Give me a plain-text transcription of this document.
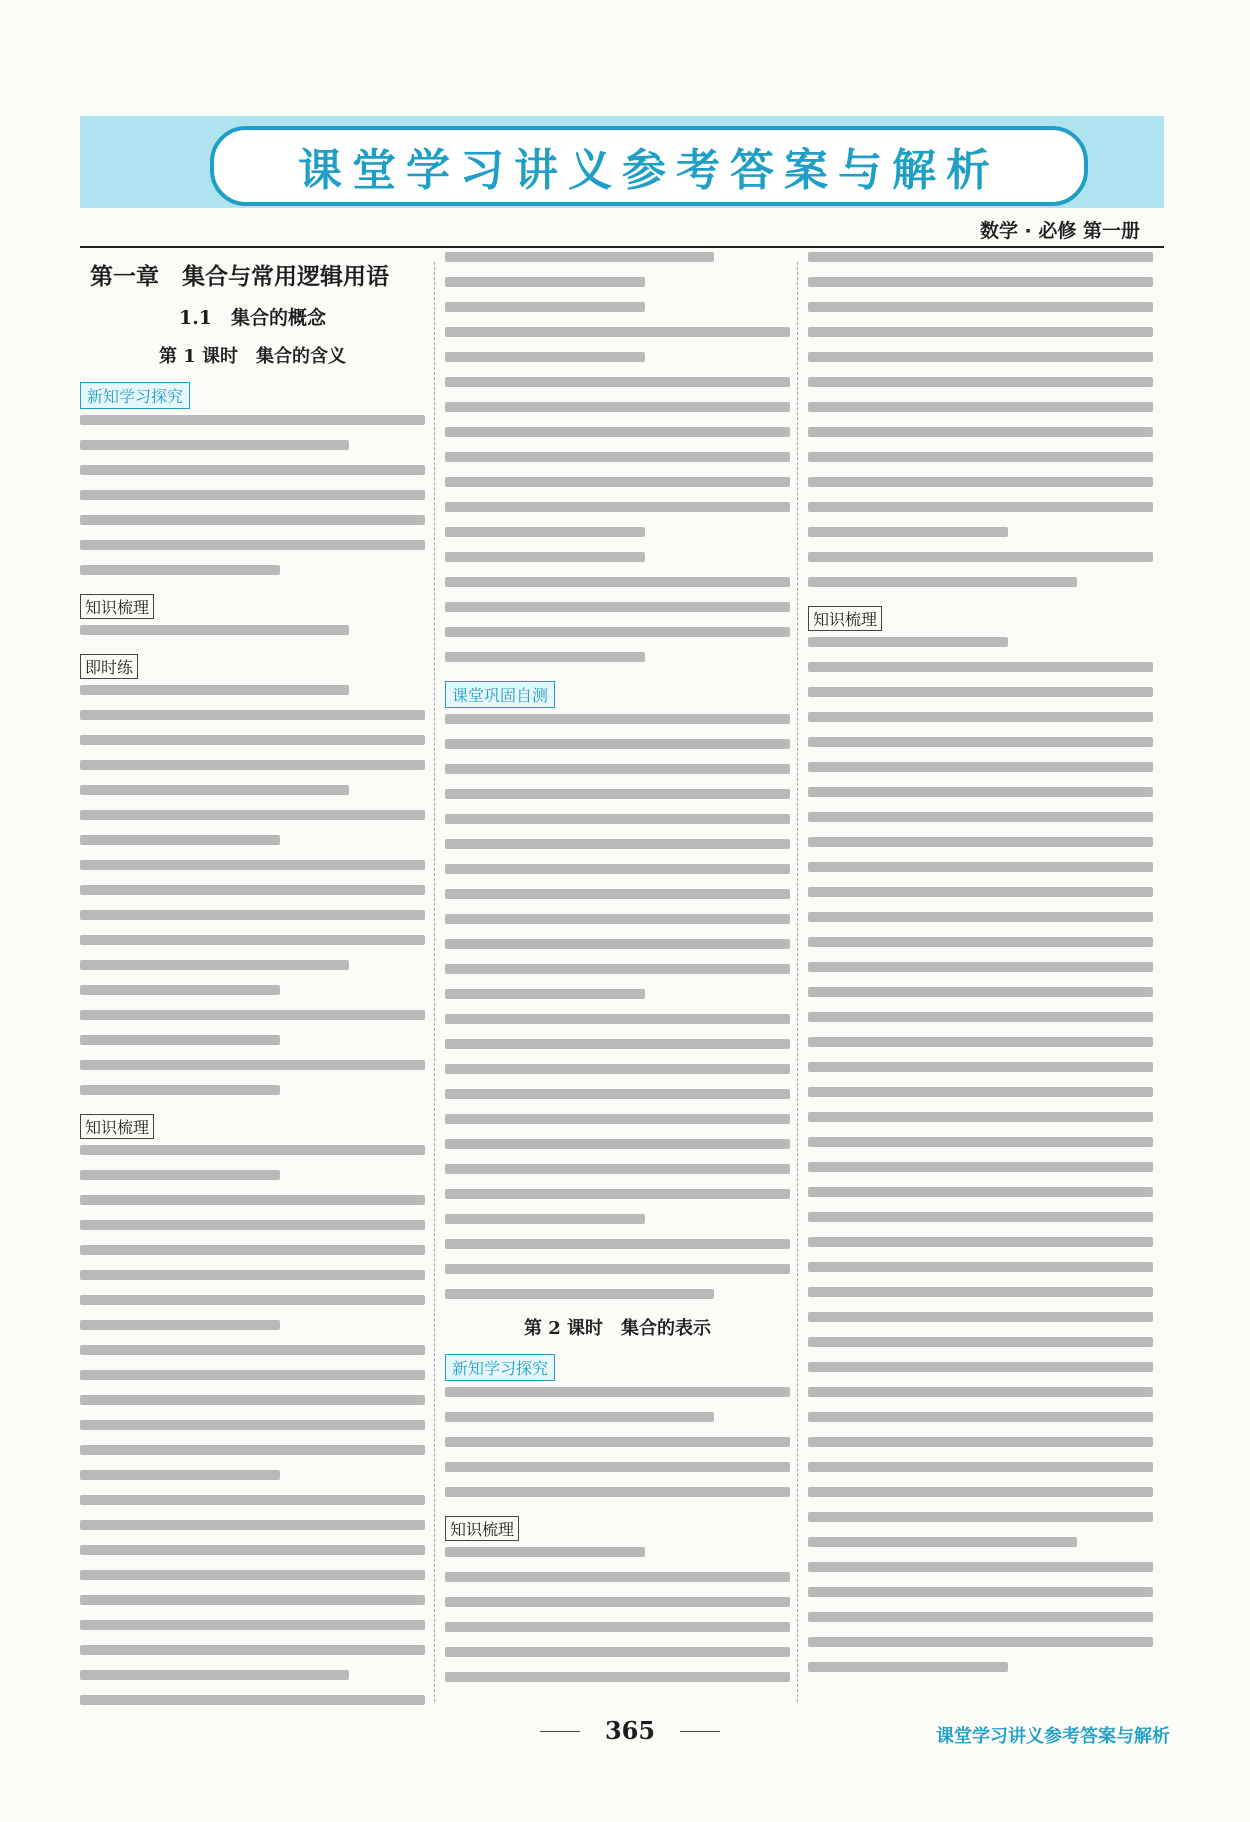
课堂学习讲义参考答案与解析
数学 · 必修 第一册
第一章　集合与常用逻辑用语
1.1　集合的概念
第 1 课时　集合的含义
新知学习探究
知识梳理
即时练
知识梳理
课堂巩固自测
第 2 课时　集合的表示
新知学习探究
知识梳理
知识梳理
365	课堂学习讲义参考答案与解析
